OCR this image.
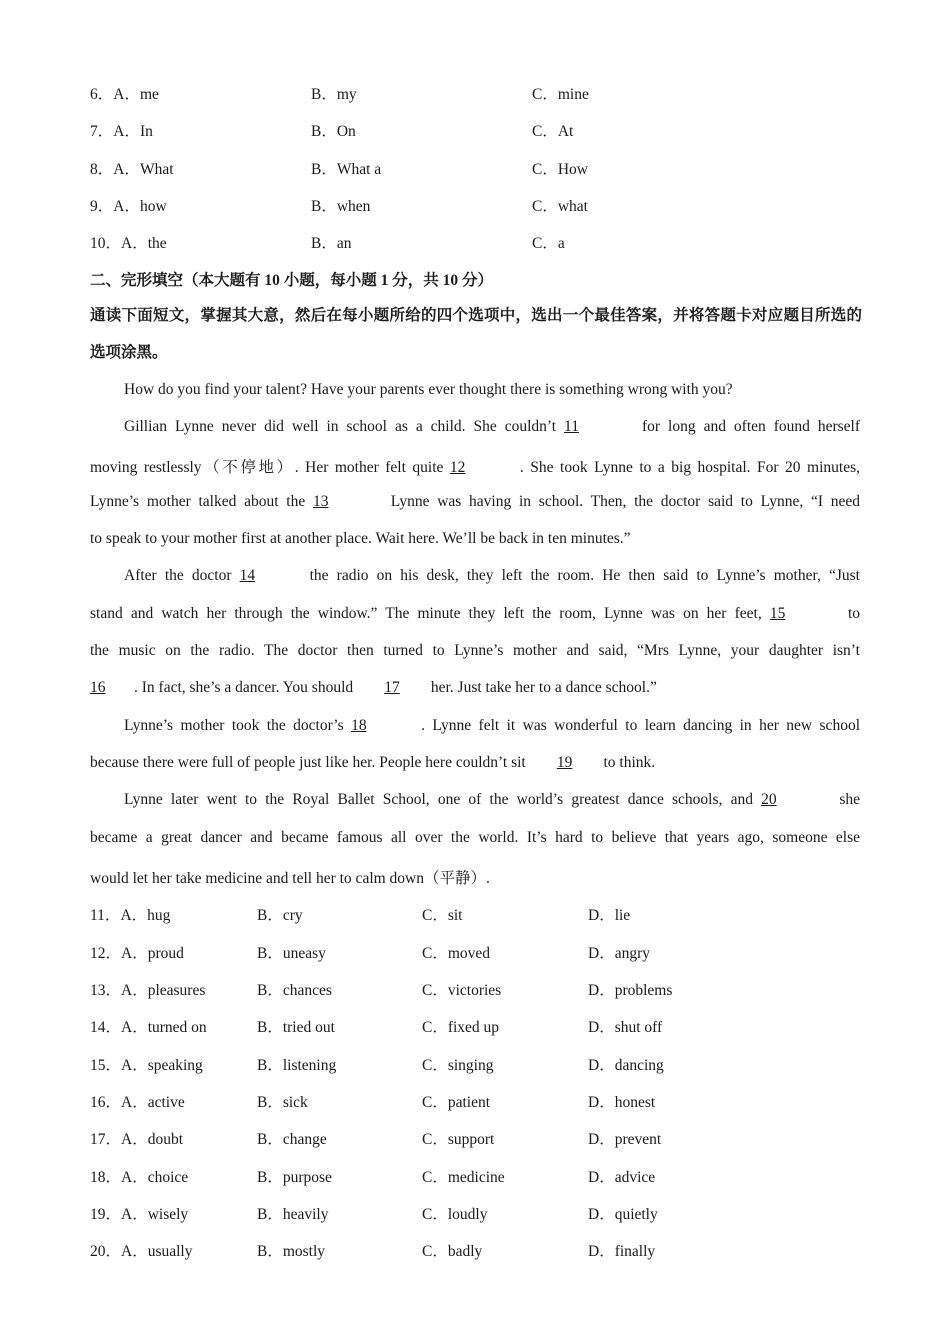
6．A．me	B．my	C．mine
7．A．In	B．On	C．At
8．A．What	B．What a	C．How
9．A．how	B．when	C．what
10．A．the	B．an	C．a
二、完形填空（本大题有 10 小题，每小题 1 分，共 10 分）
通读下面短文，掌握其大意，然后在每小题所给的四个选项中，选出一个最佳答案，并将答题卡对应题目所选的选项涂黑。
How do you find your talent? Have your parents ever thought there is something wrong with you?
Gillian Lynne never did well in school as a child. She couldn’t 11	for long and often found herself
moving restlessly（不停地）. Her mother felt quite 12	. She took Lynne to a big hospital. For 20 minutes,
Lynne’s mother talked about the 13	Lynne was having in school. Then, the doctor said to Lynne, “I need
to speak to your mother first at another place. Wait here. We’ll be back in ten minutes.”
After the doctor 14	the radio on his desk, they left the room. He then said to Lynne’s mother, “Just
stand and watch her through the window.” The minute they left the room, Lynne was on her feet, 15	to
the music on the radio. The doctor then turned to Lynne’s mother and said, “Mrs Lynne, your daughter isn’t
16 . In fact, she’s a dancer. You should 17 her. Just take her to a dance school.”
Lynne’s mother took the doctor’s 18	. Lynne felt it was wonderful to learn dancing in her new school
because there were full of people just like her. People here couldn’t sit 19 to think.
Lynne later went to the Royal Ballet School, one of the world’s greatest dance schools, and 20	she
became a great dancer and became famous all over the world. It’s hard to believe that years ago, someone else
would let her take medicine and tell her to calm down（平静）.
11．A．hug	B．cry	C．sit	D．lie
12．A．proud	B．uneasy	C．moved	D．angry
13．A．pleasures	B．chances	C．victories	D．problems
14．A．turned on	B．tried out	C．fixed up	D．shut off
15．A．speaking	B．listening	C．singing	D．dancing
16．A．active	B．sick	C．patient	D．honest
17．A．doubt	B．change	C．support	D．prevent
18．A．choice	B．purpose	C．medicine	D．advice
19．A．wisely	B．heavily	C．loudly	D．quietly
20．A．usually	B．mostly	C．badly	D．finally
